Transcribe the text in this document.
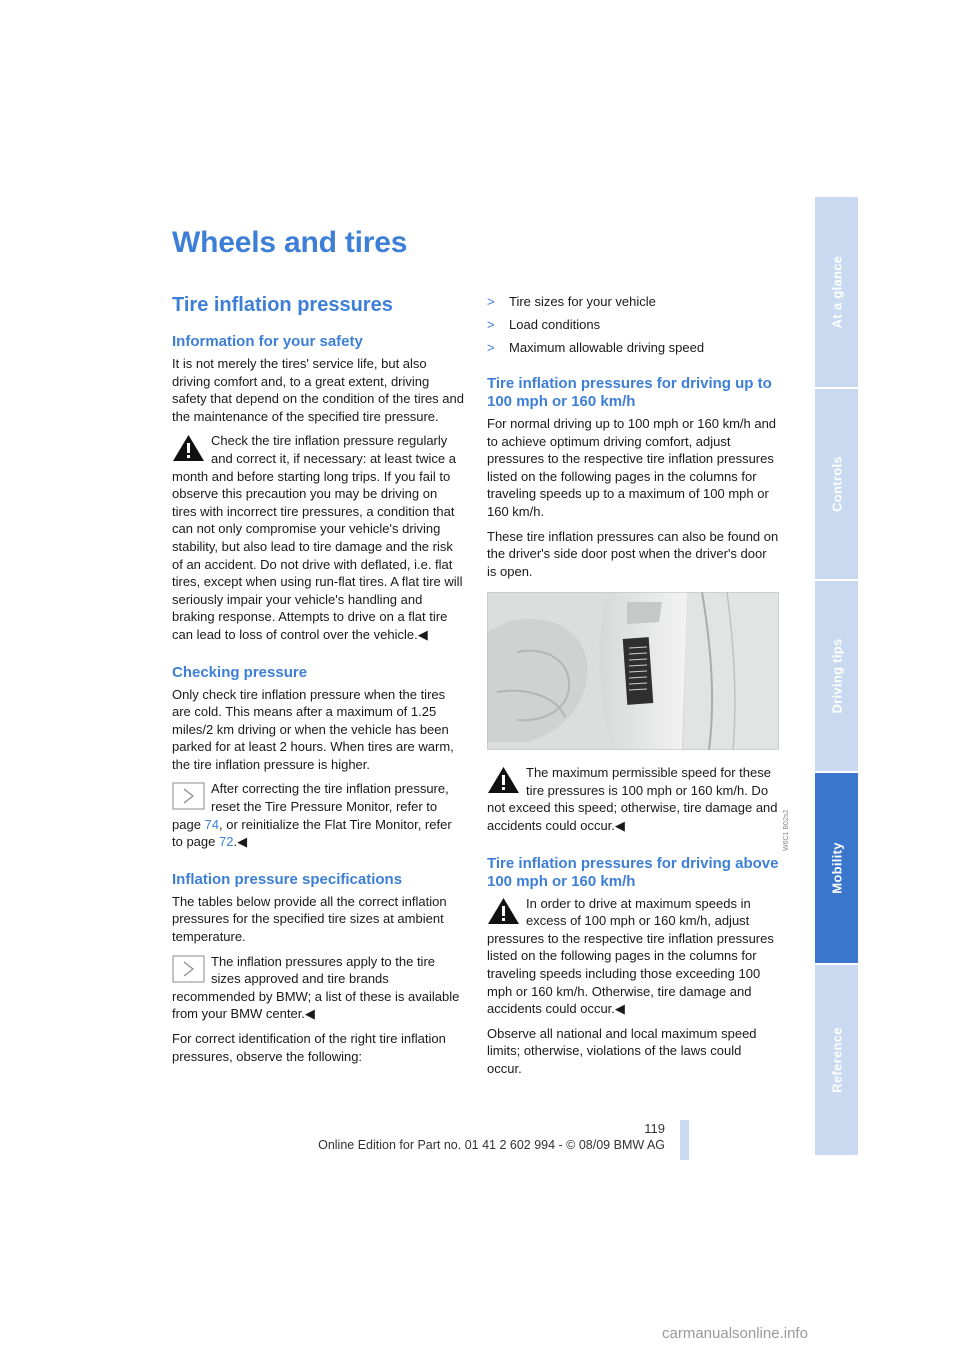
Wheels and tires
Tire inflation pressures
Information for your safety

It is not merely the tires' service life, but also driving comfort and, to a great extent, driving safety that depend on the condition of the tires and the maintenance of the specified tire pressure.

Check the tire inflation pressure regularly and correct it, if necessary: at least twice a month and before starting long trips. If you fail to observe this precaution you may be driving on tires with incorrect tire pressures, a condition that can not only compromise your vehicle's driving stability, but also lead to tire damage and the risk of an accident. Do not drive with deflated, i.e. flat tires, except when using run-flat tires. A flat tire will seriously impair your vehicle's handling and braking response. Attempts to drive on a flat tire can lead to loss of control over the vehicle.◀

Checking pressure

Only check tire inflation pressure when the tires are cold. This means after a maximum of 1.25 miles/2 km driving or when the vehicle has been parked for at least 2 hours. When tires are warm, the tire inflation pressure is higher.

After correcting the tire inflation pressure, reset the Tire Pressure Monitor, refer to page 74, or reinitialize the Flat Tire Monitor, refer to page 72.◀

Inflation pressure specifications

The tables below provide all the correct inflation pressures for the specified tire sizes at ambient temperature.

The inflation pressures apply to the tire sizes approved and tire brands recommended by BMW; a list of these is available from your BMW center.◀

For correct identification of the right tire inflation pressures, observe the following:

>	Tire sizes for your vehicle
>	Load conditions
>	Maximum allowable driving speed
Tire inflation pressures for driving up to 100 mph or 160 km/h

For normal driving up to 100 mph or 160 km/h and to achieve optimum driving comfort, adjust pressures to the respective tire inflation pressures listed on the following pages in the columns for traveling speeds up to a maximum of 100 mph or 160 km/h.

These tire inflation pressures can also be found on the driver's side door post when the driver's door is open.

W6C1 B02s2

The maximum permissible speed for these tire pressures is 100 mph or 160 km/h. Do not exceed this speed; otherwise, tire damage and accidents could occur.◀

Tire inflation pressures for driving above 100 mph or 160 km/h

In order to drive at maximum speeds in excess of 100 mph or 160 km/h, adjust pressures to the respective tire inflation pressures listed on the following pages in the columns for traveling speeds including those exceeding 100 mph or 160 km/h. Otherwise, tire damage and accidents could occur.◀

Observe all national and local maximum speed limits; otherwise, violations of the laws could occur.

At a glance
Controls
Driving tips
Mobility
Reference
119
Online Edition for Part no. 01 41 2 602 994 - © 08/09 BMW AG
carmanualsonline.info
